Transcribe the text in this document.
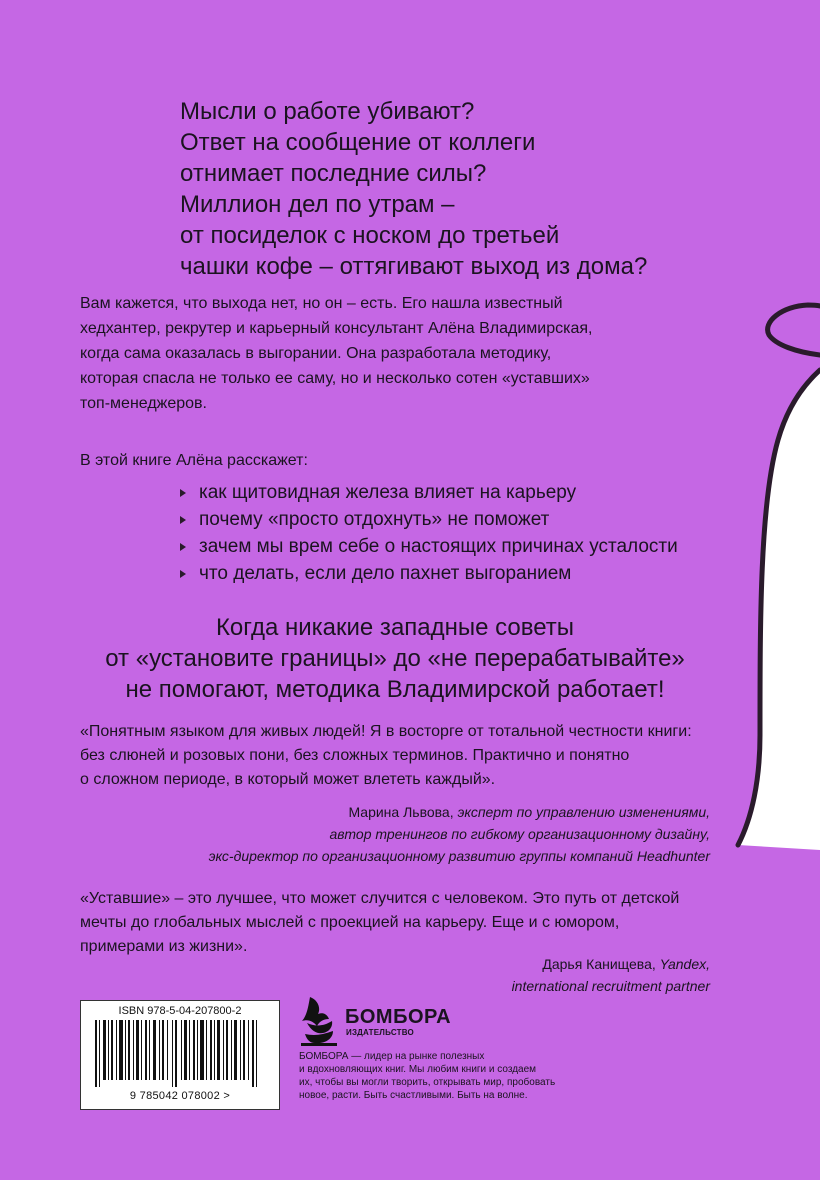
Мысли о работе убивают?
Ответ на сообщение от коллеги
отнимает последние силы?
Миллион дел по утрам –
от посиделок с носком до третьей
чашки кофе – оттягивают выход из дома?
Вам кажется, что выхода нет, но он – есть. Его нашла известный
хедхантер, рекрутер и карьерный консультант Алёна Владимирская,
когда сама оказалась в выгорании. Она разработала методику,
которая спасла не только ее саму, но и несколько сотен «уставших»
топ-менеджеров.
В этой книге Алёна расскажет:
как щитовидная железа влияет на карьеру
почему «просто отдохнуть» не поможет
зачем мы врем себе о настоящих причинах усталости
что делать, если дело пахнет выгоранием
Когда никакие западные советы
от «установите границы» до «не перерабатывайте»
не помогают, методика Владимирской работает!
«Понятным языком для живых людей! Я в восторге от тотальной честности книги:
без слюней и розовых пони, без сложных терминов. Практично и понятно
о сложном периоде, в который может влететь каждый».
Марина Львова, эксперт по управлению изменениями,
автор тренингов по гибкому организационному дизайну,
экс-директор по организационному развитию группы компаний Headhunter
«Уставшие» – это лучшее, что может случится с человеком. Это путь от детской
мечты до глобальных мыслей с проекцией на карьеру. Еще и с юмором,
примерами из жизни».
Дарья Канищева, Yandex,
international recruitment partner
ISBN 978-5-04-207800-2
9 785042 078002 >
БОМБОРА
ИЗДАТЕЛЬСТВО
БОМБОРА — лидер на рынке полезных
и вдохновляющих книг. Мы любим книги и создаем
их, чтобы вы могли творить, открывать мир, пробовать
новое, расти. Быть счастливыми. Быть на волне.
